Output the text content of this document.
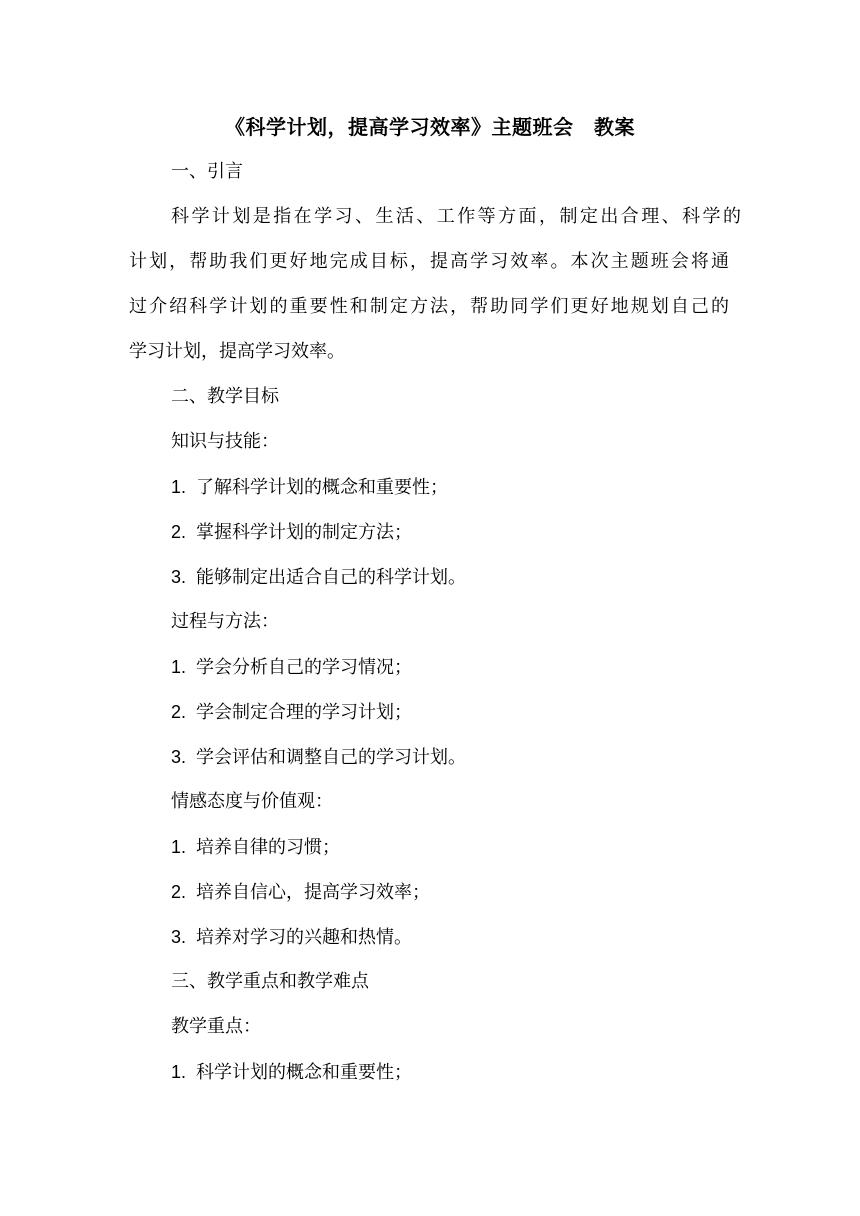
《科学计划，提高学习效率》主题班会　教案
一、引言
科学计划是指在学习、生活、工作等方面，制定出合理、科学的
计划，帮助我们更好地完成目标，提高学习效率。本次主题班会将通
过介绍科学计划的重要性和制定方法，帮助同学们更好地规划自己的
学习计划，提高学习效率。
二、教学目标
知识与技能：
1. 了解科学计划的概念和重要性；
2. 掌握科学计划的制定方法；
3. 能够制定出适合自己的科学计划。
过程与方法：
1. 学会分析自己的学习情况；
2. 学会制定合理的学习计划；
3. 学会评估和调整自己的学习计划。
情感态度与价值观：
1. 培养自律的习惯；
2. 培养自信心，提高学习效率；
3. 培养对学习的兴趣和热情。
三、教学重点和教学难点
教学重点：
1. 科学计划的概念和重要性；
